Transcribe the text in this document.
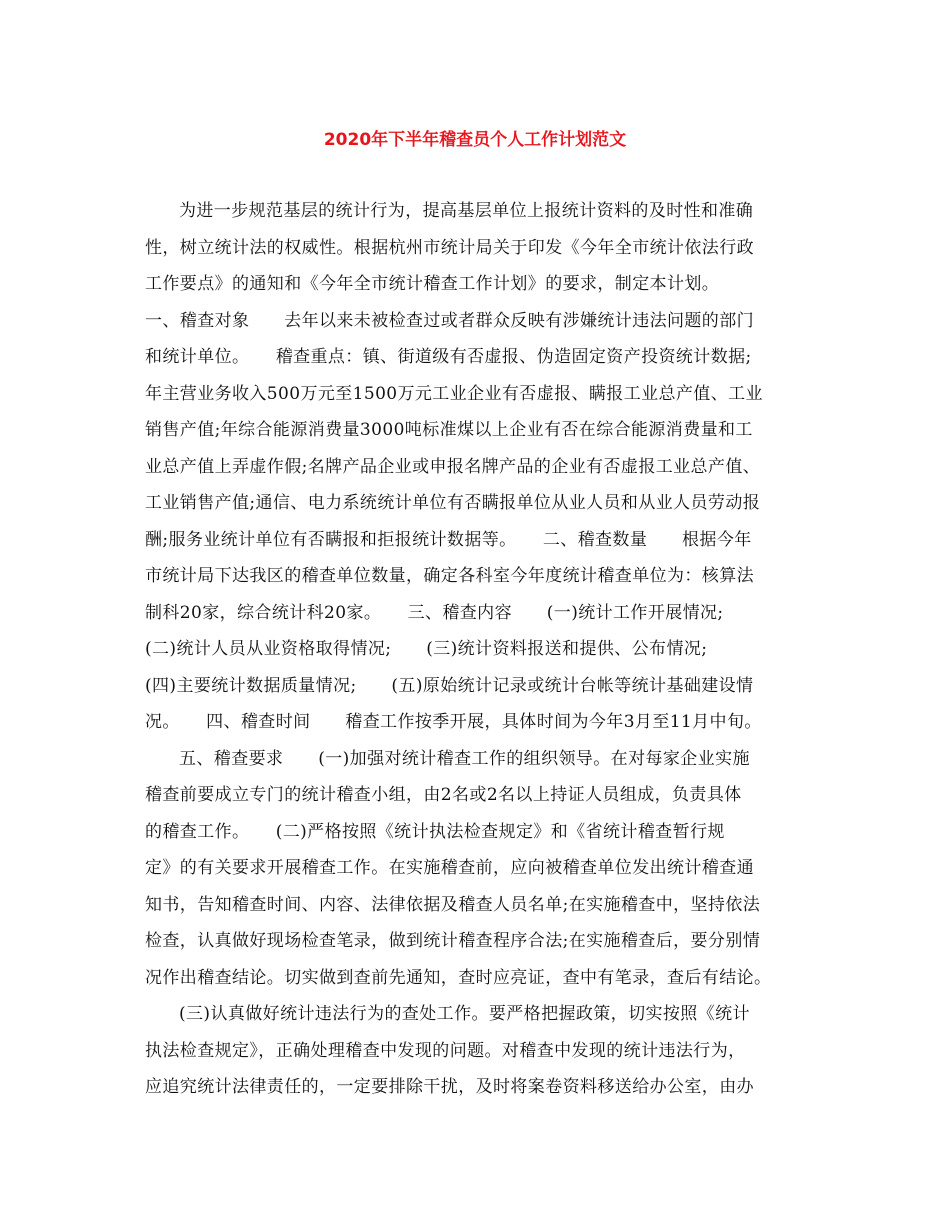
2020年下半年稽查员个人工作计划范文
为进一步规范基层的统计行为，提高基层单位上报统计资料的及时性和准确
性，树立统计法的权威性。根据杭州市统计局关于印发《今年全市统计依法行政
工作要点》的通知和《今年全市统计稽查工作计划》的要求，制定本计划。
一、稽查对象　　去年以来未被检查过或者群众反映有涉嫌统计违法问题的部门
和统计单位。　　稽查重点：镇、街道级有否虚报、伪造固定资产投资统计数据;
年主营业务收入500万元至1500万元工业企业有否虚报、瞒报工业总产值、工业
销售产值;年综合能源消费量3000吨标准煤以上企业有否在综合能源消费量和工
业总产值上弄虚作假;名牌产品企业或申报名牌产品的企业有否虚报工业总产值、
工业销售产值;通信、电力系统统计单位有否瞒报单位从业人员和从业人员劳动报
酬;服务业统计单位有否瞒报和拒报统计数据等。　　二、稽查数量　　根据今年
市统计局下达我区的稽查单位数量，确定各科室今年度统计稽查单位为：核算法
制科20家，综合统计科20家。　　三、稽查内容　　(一)统计工作开展情况;
(二)统计人员从业资格取得情况;　　(三)统计资料报送和提供、公布情况;
(四)主要统计数据质量情况;　　(五)原始统计记录或统计台帐等统计基础建设情
况。　　四、稽查时间　　稽查工作按季开展，具体时间为今年3月至11月中旬。
五、稽查要求　　(一)加强对统计稽查工作的组织领导。在对每家企业实施
稽查前要成立专门的统计稽查小组，由2名或2名以上持证人员组成，负责具体
的稽查工作。　　(二)严格按照《统计执法检查规定》和《省统计稽查暂行规
定》的有关要求开展稽查工作。在实施稽查前，应向被稽查单位发出统计稽查通
知书，告知稽查时间、内容、法律依据及稽查人员名单;在实施稽查中，坚持依法
检查，认真做好现场检查笔录，做到统计稽查程序合法;在实施稽查后，要分别情
况作出稽查结论。切实做到查前先通知，查时应亮证，查中有笔录，查后有结论。
(三)认真做好统计违法行为的查处工作。要严格把握政策，切实按照《统计
执法检查规定》，正确处理稽查中发现的问题。对稽查中发现的统计违法行为，
应追究统计法律责任的，一定要排除干扰，及时将案卷资料移送给办公室，由办
